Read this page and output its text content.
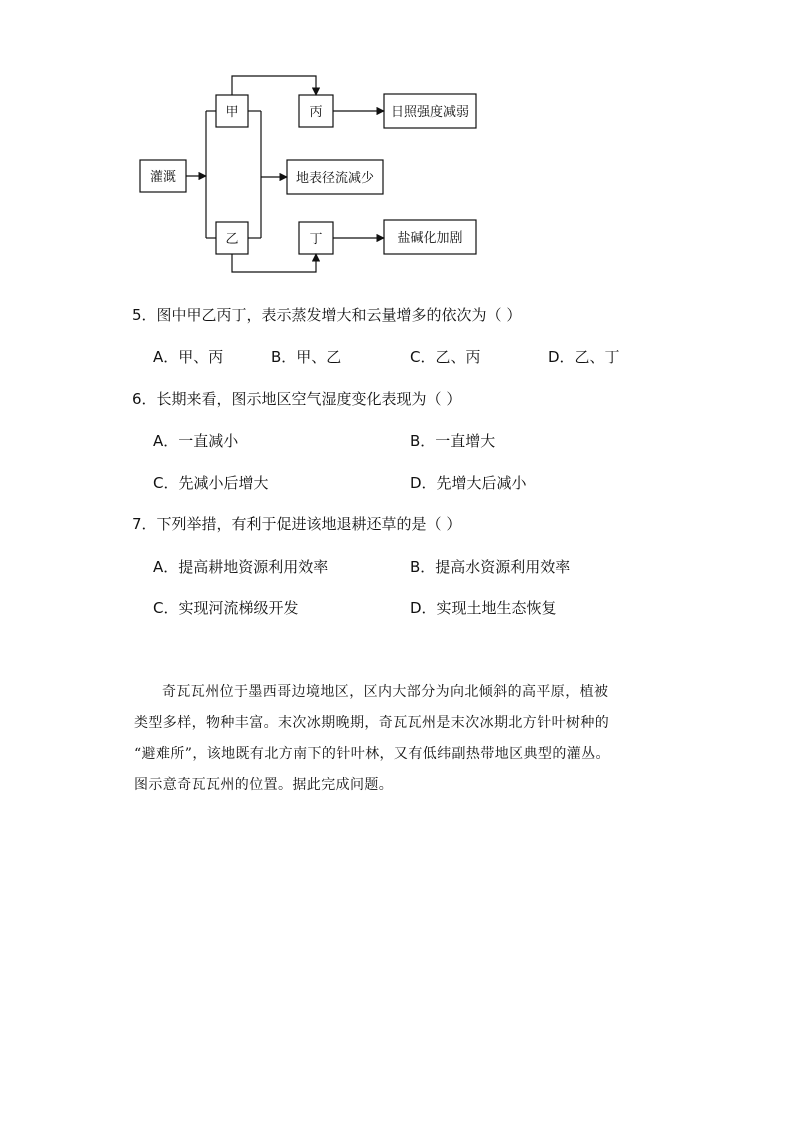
灌溉
甲
乙
丙
丁
日照强度减弱
地表径流减少
盐碱化加剧
5．图中甲乙丙丁，表示蒸发增大和云量增多的依次为（ ）
A．甲、丙	B．甲、乙	C．乙、丙	D．乙、丁
6．长期来看，图示地区空气湿度变化表现为（ ）
A．一直减小	B．一直增大
C．先减小后增大	D．先增大后减小
7．下列举措，有利于促进该地退耕还草的是（ ）
A．提高耕地资源利用效率	B．提高水资源利用效率
C．实现河流梯级开发	D．实现土地生态恢复
奇瓦瓦州位于墨西哥边境地区，区内大部分为向北倾斜的高平原，植被
类型多样，物种丰富。末次冰期晚期，奇瓦瓦州是末次冰期北方针叶树种的
“避难所”，该地既有北方南下的针叶林，又有低纬副热带地区典型的灌丛。
图示意奇瓦瓦州的位置。据此完成问题。
